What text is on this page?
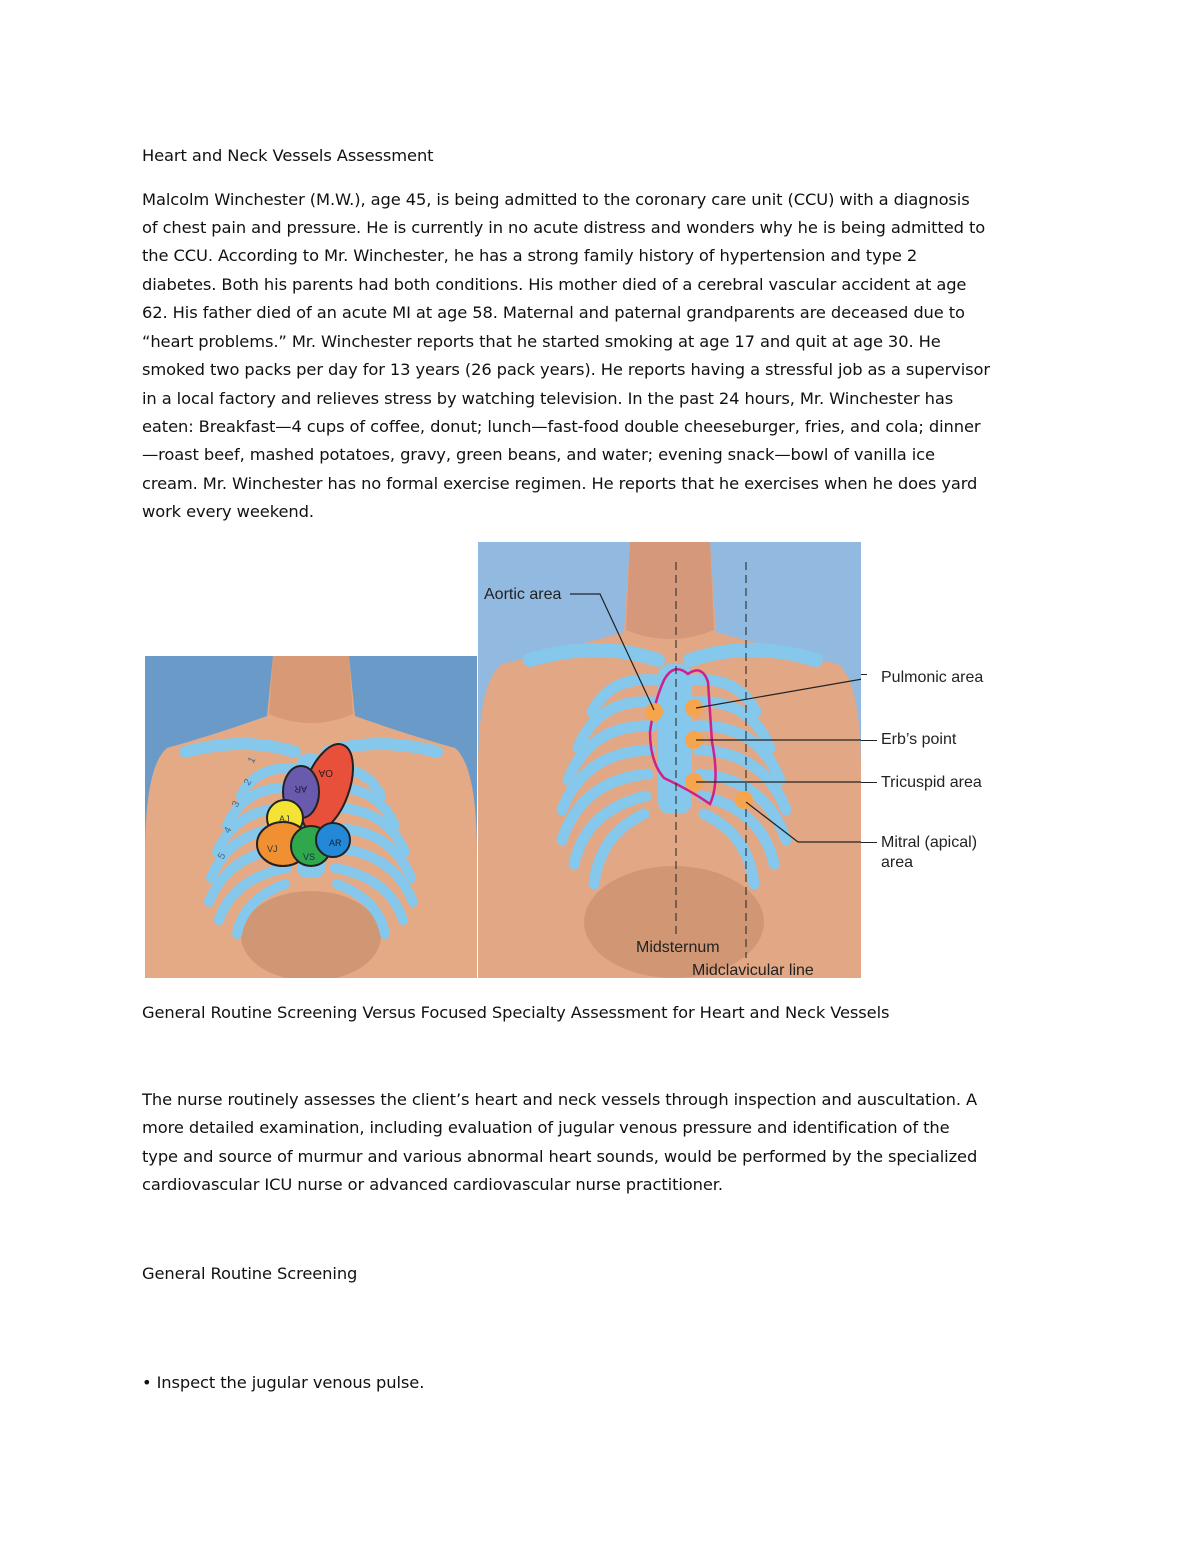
Heart and Neck Vessels Assessment
Malcolm Winchester (M.W.), age 45, is being admitted to the coronary care unit (CCU) with a diagnosis
of chest pain and pressure. He is currently in no acute distress and wonders why he is being admitted to
the CCU. According to Mr. Winchester, he has a strong family history of hypertension and type 2
diabetes. Both his parents had both conditions. His mother died of a cerebral vascular accident at age
62. His father died of an acute MI at age 58. Maternal and paternal grandparents are deceased due to
“heart problems.” Mr. Winchester reports that he started smoking at age 17 and quit at age 30. He
smoked two packs per day for 13 years (26 pack years). He reports having a stressful job as a supervisor
in a local factory and relieves stress by watching television. In the past 24 hours, Mr. Winchester has
eaten: Breakfast—4 cups of coffee, donut; lunch—fast-food double cheeseburger, fries, and cola; dinner
—roast beef, mashed potatoes, gravy, green beans, and water; evening snack—bowl of vanilla ice
cream. Mr. Winchester has no formal exercise regimen. He reports that he exercises when he does yard
work every weekend.
1
2
3
4
5
OA
AR
AJ
VJ
VS
AR
Aortic area
Midsternum
Pulmonic area
Erb’s point
Tricuspid area
Mitral (apical)
area
Midclavicular line
General Routine Screening Versus Focused Specialty Assessment for Heart and Neck Vessels
The nurse routinely assesses the client’s heart and neck vessels through inspection and auscultation. A
more detailed examination, including evaluation of jugular venous pressure and identification of the
type and source of murmur and various abnormal heart sounds, would be performed by the specialized
cardiovascular ICU nurse or advanced cardiovascular nurse practitioner.
General Routine Screening
• Inspect the jugular venous pulse.
